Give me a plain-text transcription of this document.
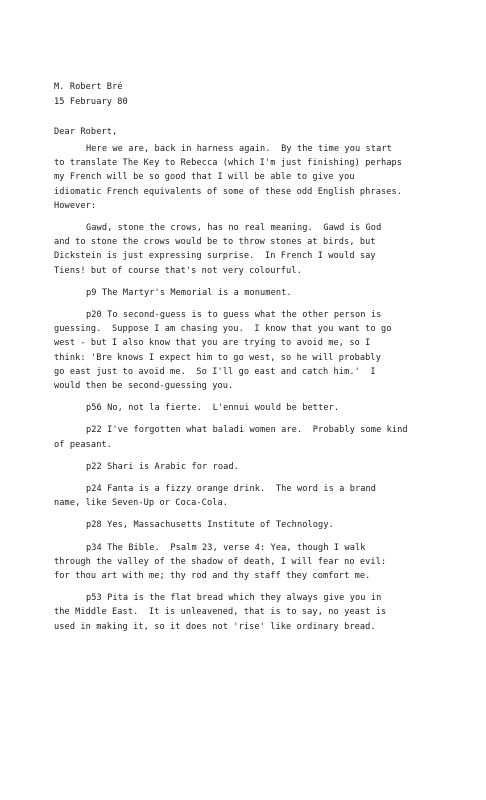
M. Robert Bré
15 February 80
Dear Robert,
Here we are, back in harness again.  By the time you start
to translate The Key to Rebecca (which I'm just finishing) perhaps
my French will be so good that I will be able to give you
idiomatic French equivalents of some of these odd English phrases.
However:
Gawd, stone the crows, has no real meaning.  Gawd is God
and to stone the crows would be to throw stones at birds, but
Dickstein is just expressing surprise.  In French I would say
Tiens! but of course that's not very colourful.
p9 The Martyr's Memorial is a monument.
p20 To second-guess is to guess what the other person is
guessing.  Suppose I am chasing you.  I know that you want to go
west - but I also know that you are trying to avoid me, so I
think: 'Bre knows I expect him to go west, so he will probably
go east just to avoid me.  So I'll go east and catch him.'  I
would then be second-guessing you.
p56 No, not la fierte.  L'ennui would be better.
p22 I've forgotten what baladi women are.  Probably some kind
of peasant.
p22 Shari is Arabic for road.
p24 Fanta is a fizzy orange drink.  The word is a brand
name, like Seven-Up or Coca-Cola.
p28 Yes, Massachusetts Institute of Technology.
p34 The Bible.  Psalm 23, verse 4: Yea, though I walk
through the valley of the shadow of death, I will fear no evil:
for thou art with me; thy rod and thy staff they comfort me.
p53 Pita is the flat bread which they always give you in
the Middle East.  It is unleavened, that is to say, no yeast is
used in making it, so it does not 'rise' like ordinary bread.
